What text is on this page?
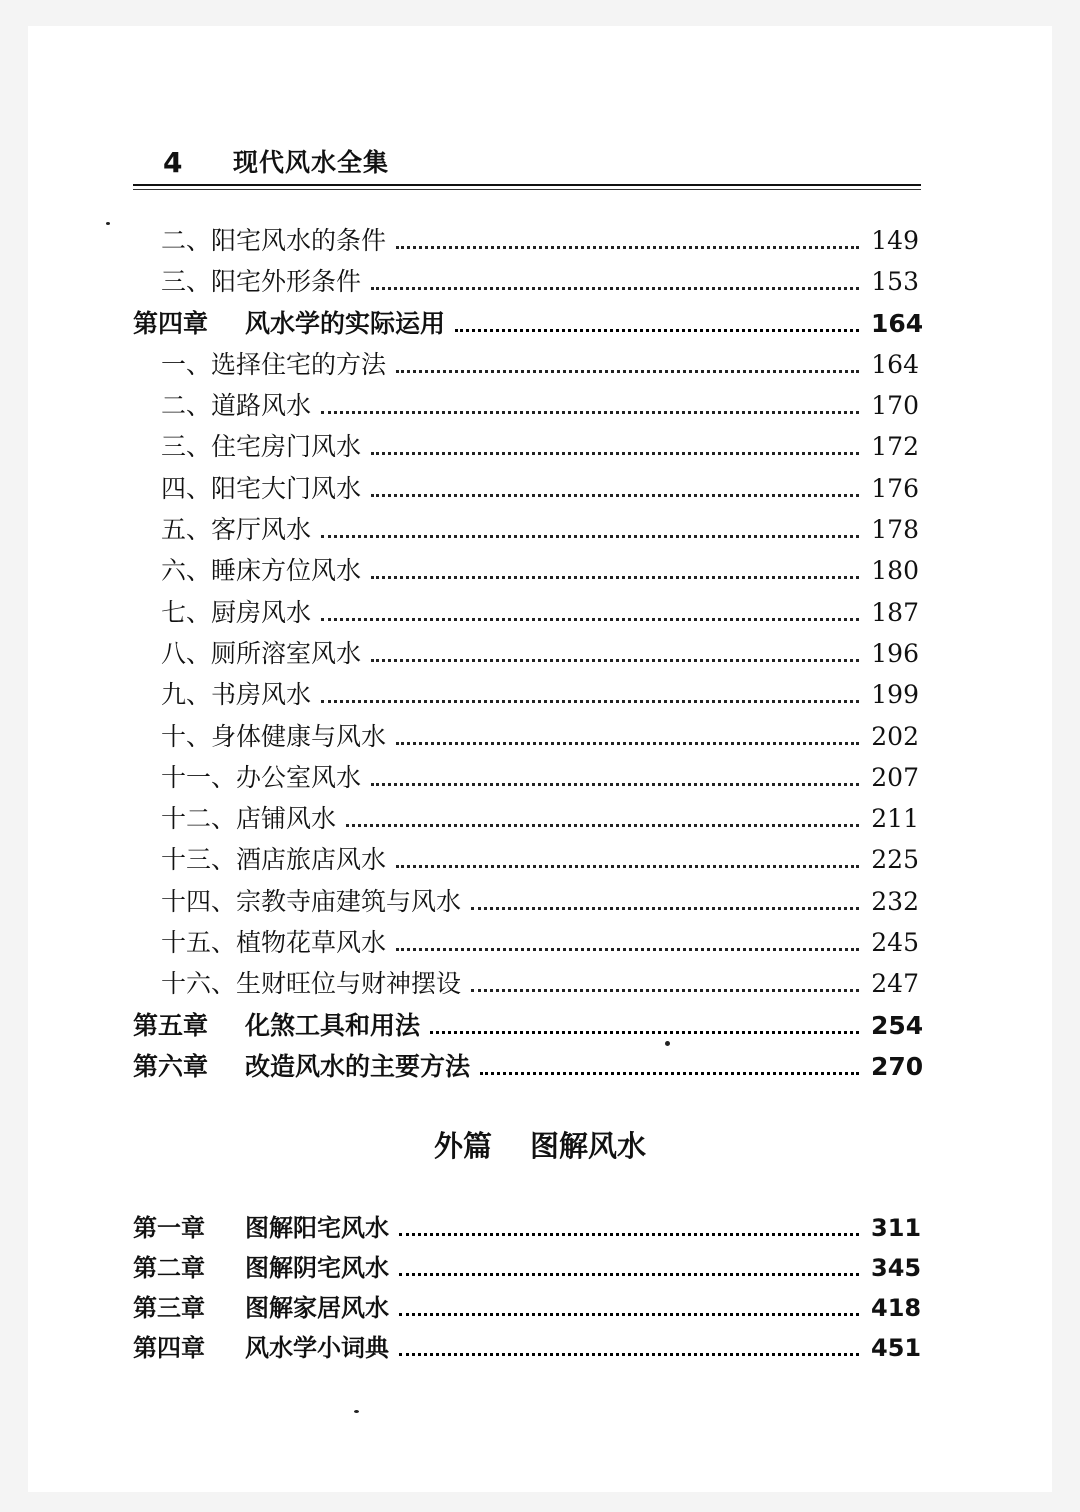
4 现代风水全集
二、阳宅风水的条件	149
三、阳宅外形条件	153
第四章	风水学的实际运用	164
一、选择住宅的方法	164
二、道路风水	170
三、住宅房门风水	172
四、阳宅大门风水	176
五、客厅风水	178
六、睡床方位风水	180
七、厨房风水	187
八、厕所溶室风水	196
九、书房风水	199
十、身体健康与风水	202
十一、办公室风水	207
十二、店铺风水	211
十三、酒店旅店风水	225
十四、宗教寺庙建筑与风水	232
十五、植物花草风水	245
十六、生财旺位与财神摆设	247
第五章	化煞工具和用法	254
第六章	改造风水的主要方法	270
外篇 图解风水
第一章	图解阳宅风水	311
第二章	图解阴宅风水	345
第三章	图解家居风水	418
第四章	风水学小词典	451
